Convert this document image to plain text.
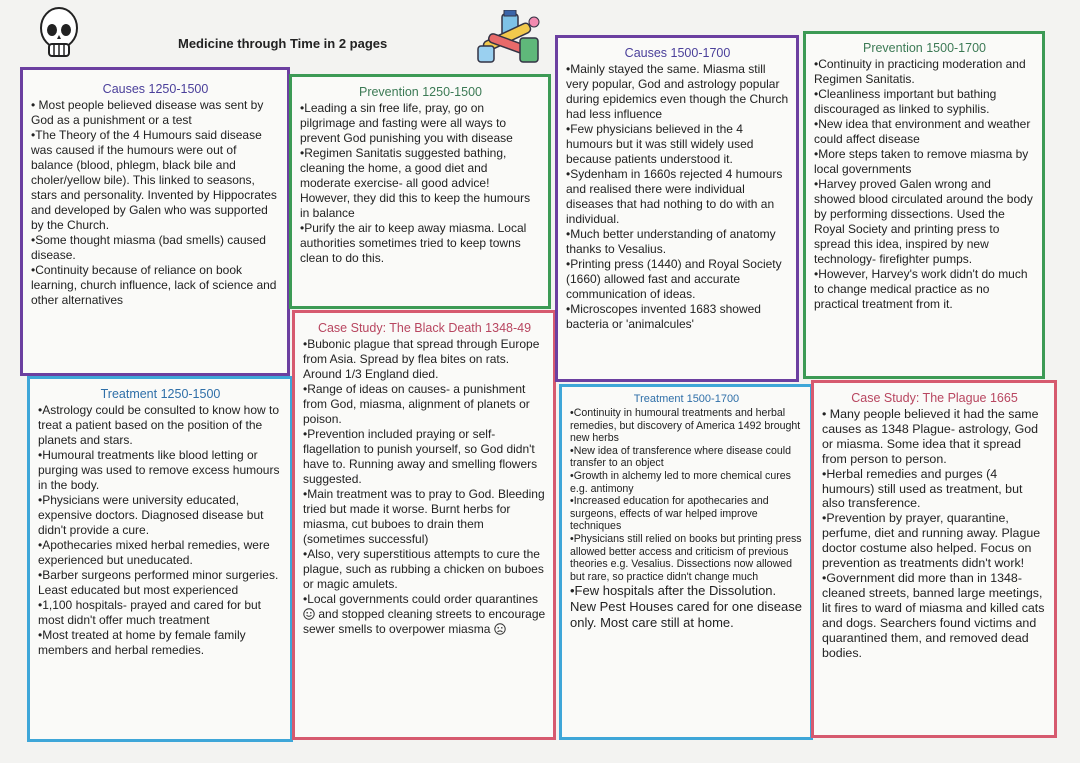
Medicine through Time in 2 pages
Causes 1250-1500

• Most people believed disease was sent by God as a punishment or a test

•The Theory of the 4 Humours said disease was caused if the humours were out of balance (blood, phlegm, black bile and choler/yellow bile). This linked to seasons, stars and personality. Invented by Hippocrates and developed by Galen who was supported by the Church.

•Some thought miasma (bad smells) caused disease.

•Continuity because of reliance on book learning, church influence, lack of science and other alternatives

Prevention 1250-1500

•Leading a sin free life, pray, go on pilgrimage and fasting were all ways to prevent God punishing you with disease

•Regimen Sanitatis suggested bathing, cleaning the home, a good diet and moderate exercise- all good advice! However, they did this to keep the humours in balance

•Purify the air to keep away miasma. Local authorities sometimes tried to keep towns clean to do this.

Treatment 1250-1500

•Astrology could be consulted to know how to treat a patient based on the position of the planets and stars.

•Humoural treatments like blood letting or purging was used to remove excess humours in the body.

•Physicians were university educated, expensive doctors. Diagnosed disease but didn't provide a cure.

•Apothecaries mixed herbal remedies, were experienced but uneducated.

•Barber surgeons performed minor surgeries. Least educated but most experienced

•1,100 hospitals- prayed and cared for but most didn't offer much treatment

•Most treated at home by female family members and herbal remedies.

Case Study: The Black Death 1348-49

•Bubonic plague that spread through Europe from Asia. Spread by flea bites on rats. Around 1/3 England died.

•Range of ideas on causes- a punishment from God, miasma, alignment of planets or poison.

•Prevention included praying or self-flagellation to punish yourself, so God didn't have to. Running away and smelling flowers suggested.

•Main treatment was to pray to God. Bleeding tried but made it worse. Burnt herbs for miasma, cut buboes to drain them (sometimes successful)

•Also, very superstitious attempts to cure the plague, such as rubbing a chicken on buboes or magic amulets.

•Local governments could order quarantines  and stopped cleaning streets to encourage sewer smells to overpower miasma

Causes 1500-1700

•Mainly stayed the same. Miasma still very popular, God and astrology popular during epidemics even though the Church had less influence

•Few physicians believed in the 4 humours but it was still widely used because patients understood it.

•Sydenham in 1660s rejected 4 humours and realised there were individual diseases that had nothing to do with an individual.

•Much better understanding of anatomy thanks to Vesalius.

•Printing press (1440) and Royal Society (1660) allowed fast and accurate communication of ideas.

•Microscopes invented 1683 showed bacteria or 'animalcules'

Treatment 1500-1700

•Continuity in humoural treatments and herbal remedies, but discovery of America 1492 brought new herbs

•New idea of transference where disease could transfer to an object

•Growth in alchemy led to more chemical cures e.g. antimony

•Increased education for apothecaries and surgeons, effects of war helped improve techniques

•Physicians still relied on books but printing press allowed better access and criticism of previous theories e.g. Vesalius. Dissections now allowed but rare, so practice didn't change much

•Few hospitals after the Dissolution. New Pest Houses cared for one disease only. Most care still at home.

Prevention 1500-1700

•Continuity in practicing moderation and Regimen Sanitatis.

•Cleanliness important but bathing discouraged as linked to syphilis.

•New idea that environment and weather could affect disease

•More steps taken to remove miasma by local governments

•Harvey proved Galen wrong and showed blood circulated around the body by performing dissections. Used the Royal Society and printing press to spread this idea, inspired by new technology- firefighter pumps.

•However, Harvey's work didn't do much to change medical practice as no practical treatment from it.

Case Study: The Plague 1665

• Many people believed it had the same causes as 1348 Plague- astrology, God or miasma. Some idea that it spread from person to person.

•Herbal remedies and purges (4 humours) still used as treatment, but also transference.

•Prevention by prayer, quarantine, perfume, diet and running away. Plague doctor costume also helped. Focus on prevention as treatments didn't work!

•Government did more than in 1348- cleaned streets, banned large meetings, lit fires to ward of miasma and killed cats and dogs. Searchers found victims and quarantined them, and removed dead bodies.
